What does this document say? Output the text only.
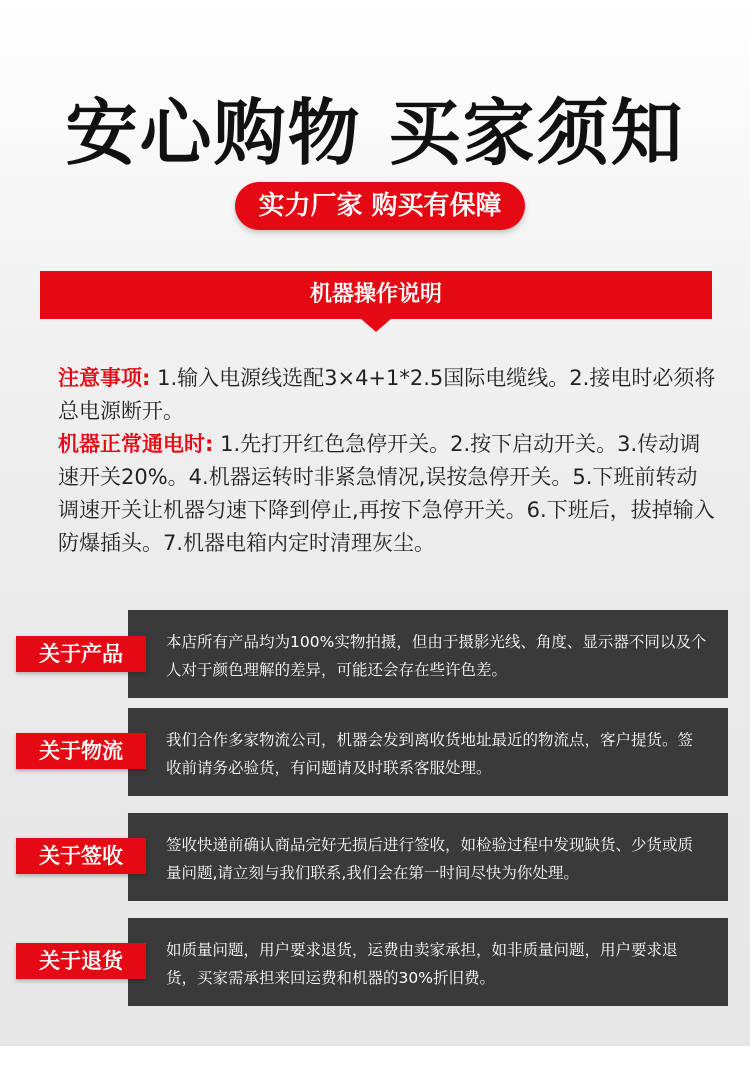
安心购物 买家须知
实力厂家 购买有保障
机器操作说明

注意事项: 1.输入电源线选配3×4+1*2.5国际电缆线。2.接电时必须将总电源断开。

机器正常通电时: 1.先打开红色急停开关。2.按下启动开关。3.传动调速开关20%。4.机器运转时非紧急情况,误按急停开关。5.下班前转动调速开关让机器匀速下降到停止,再按下急停开关。6.下班后，拔掉输入防爆插头。7.机器电箱内定时清理灰尘。

本店所有产品均为100%实物拍摄，但由于摄影光线、角度、显示器不同以及个人对于颜色理解的差异，可能还会存在些许色差。
关于产品
我们合作多家物流公司，机器会发到离收货地址最近的物流点，客户提货。签收前请务必验货，有问题请及时联系客服处理。
关于物流
签收快递前确认商品完好无损后进行签收，如检验过程中发现缺货、少货或质量问题,请立刻与我们联系,我们会在第一时间尽快为你处理。
关于签收
如质量问题，用户要求退货，运费由卖家承担，如非质量问题，用户要求退货，买家需承担来回运费和机器的30%折旧费。
关于退货
